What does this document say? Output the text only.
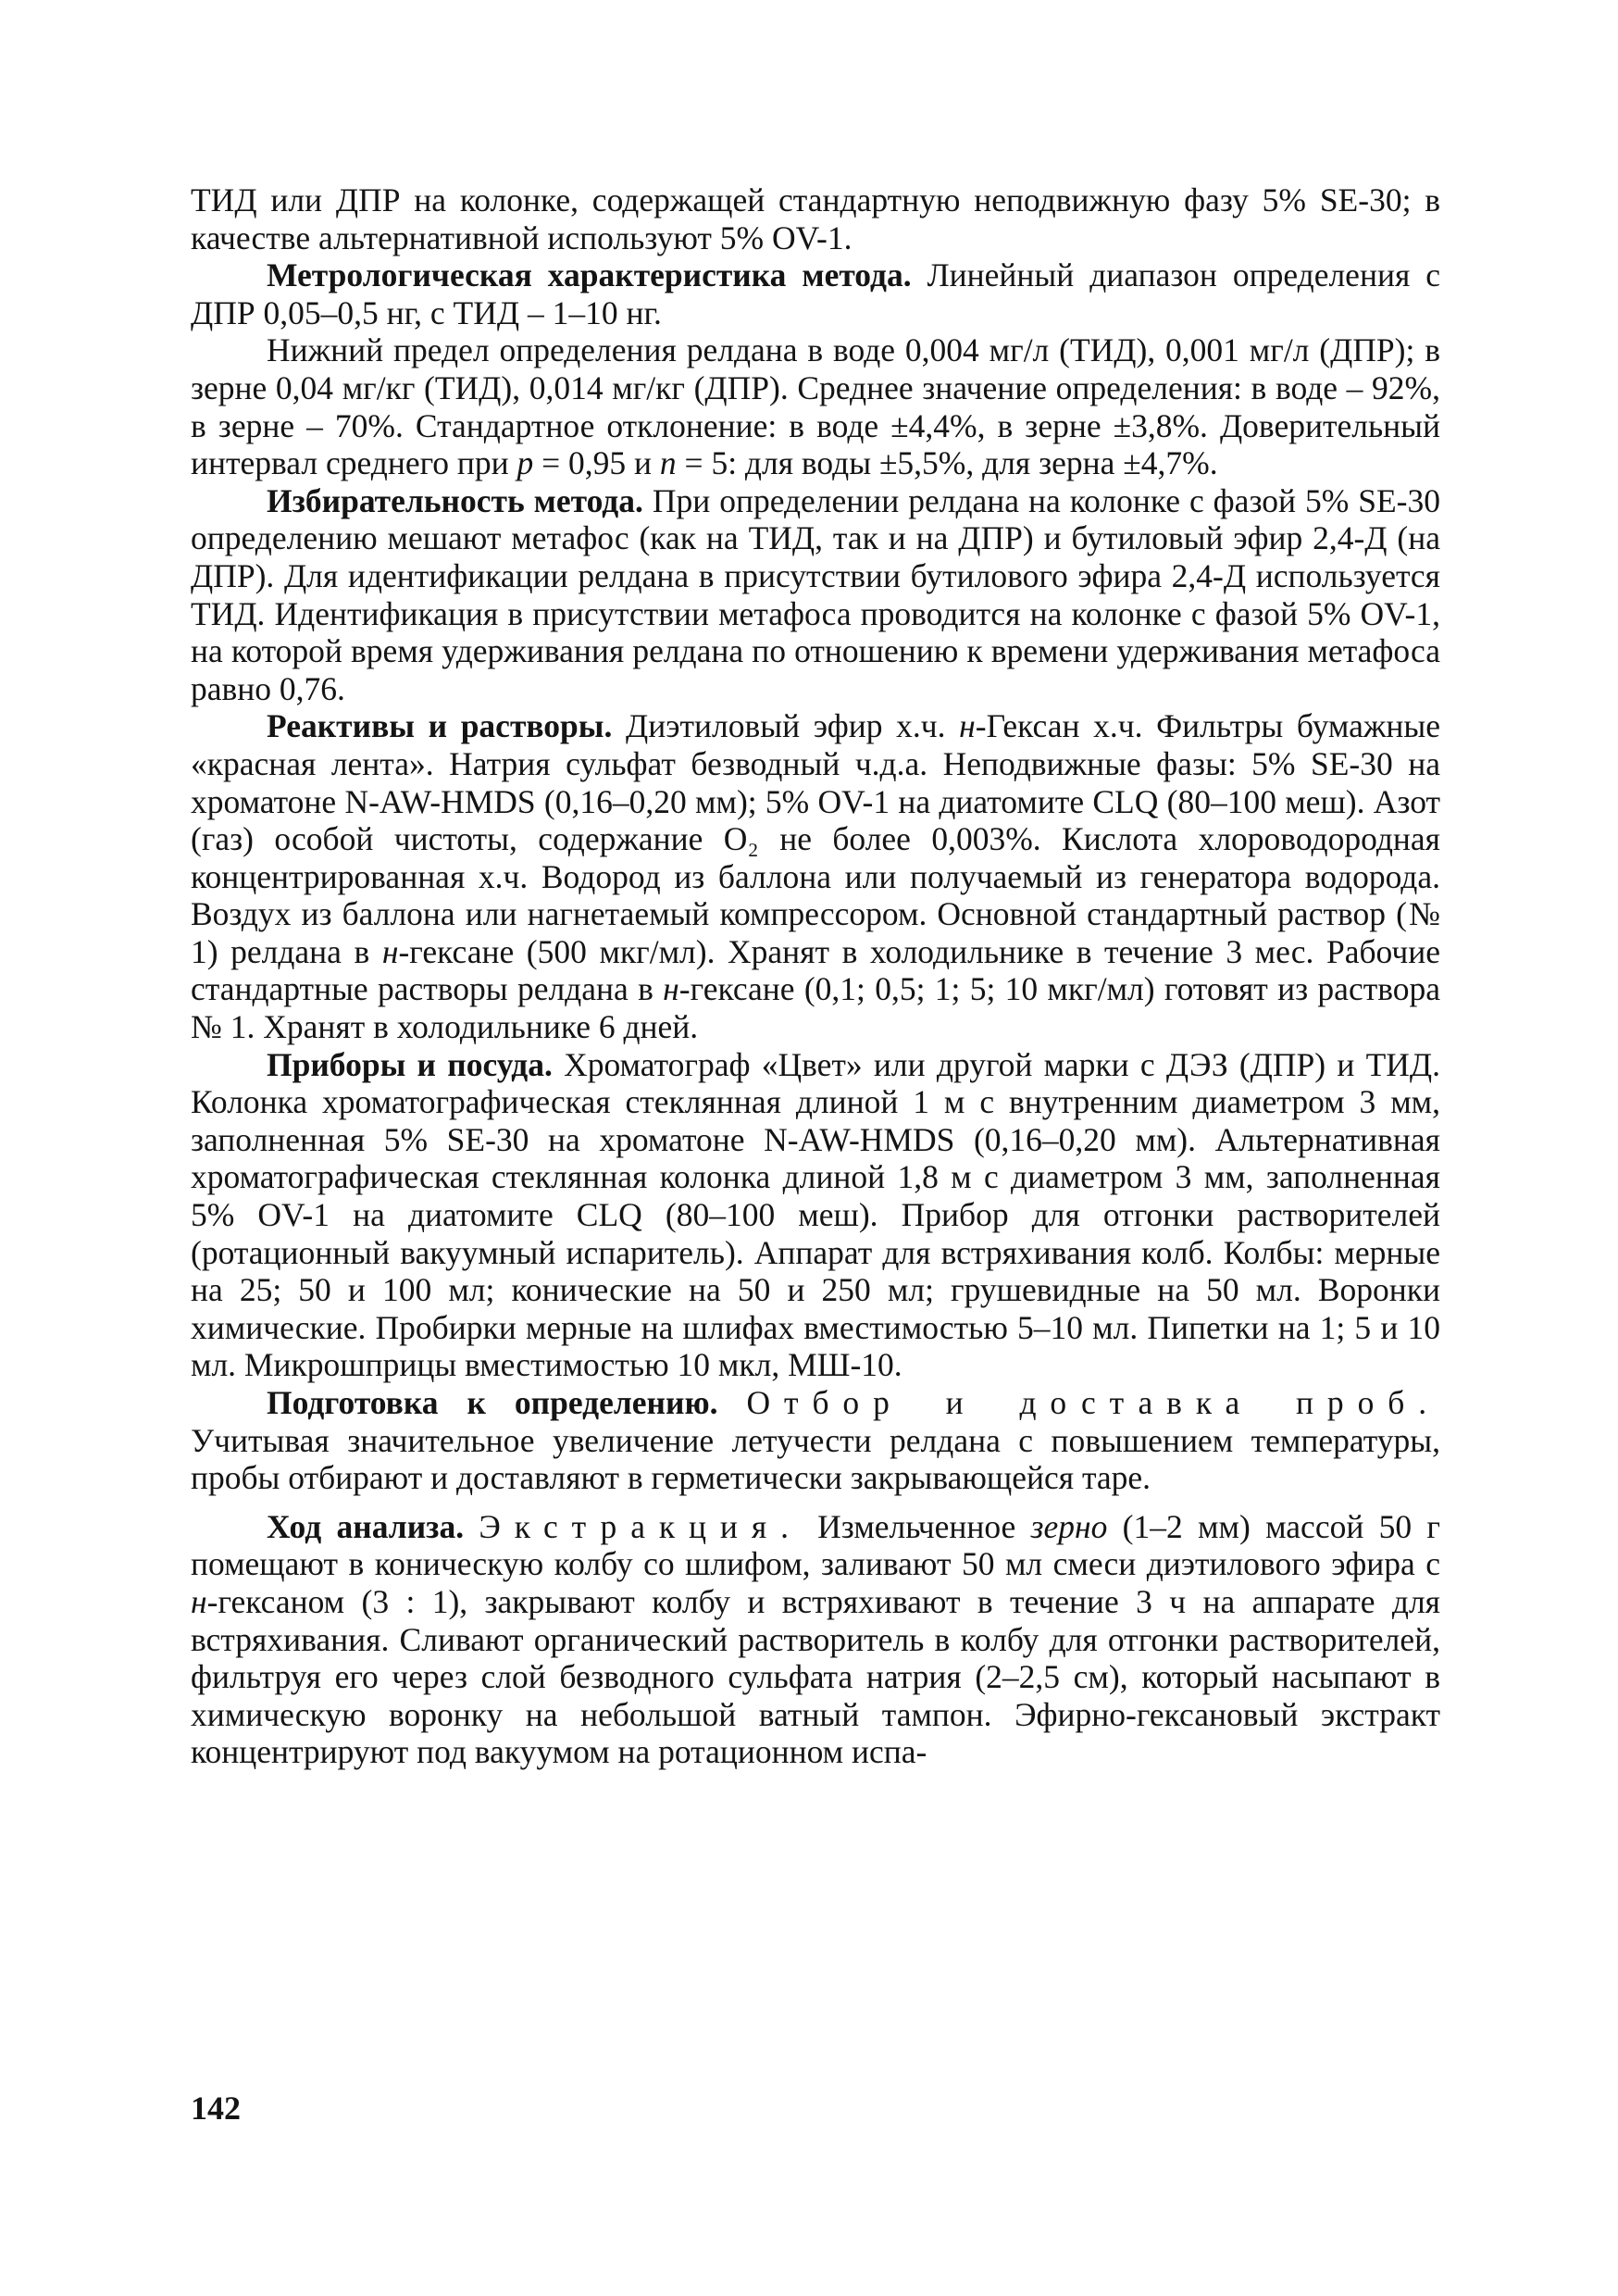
ТИД или ДПР на колонке, содержащей стандартную неподвижную фазу 5% SE-30; в качестве альтернативной используют 5% OV-1.

Метрологическая характеристика метода. Линейный диапазон определения с ДПР 0,05–0,5 нг, с ТИД – 1–10 нг.

Нижний предел определения релдана в воде 0,004 мг/л (ТИД), 0,001 мг/л (ДПР); в зерне 0,04 мг/кг (ТИД), 0,014 мг/кг (ДПР). Среднее значение определения: в воде – 92%, в зерне – 70%. Стандартное отклонение: в воде ±4,4%, в зерне ±3,8%. Доверительный интервал среднего при p = 0,95 и n = 5: для воды ±5,5%, для зерна ±4,7%.

Избирательность метода. При определении релдана на колонке с фазой 5% SE-30 определению мешают метафос (как на ТИД, так и на ДПР) и бутиловый эфир 2,4-Д (на ДПР). Для идентификации релдана в присутствии бутилового эфира 2,4-Д используется ТИД. Идентификация в присутствии метафоса проводится на колонке с фазой 5% OV-1, на которой время удерживания релдана по отношению к времени удерживания метафоса равно 0,76.

Реактивы и растворы. Диэтиловый эфир х.ч. н-Гексан х.ч. Фильтры бумажные «красная лента». Натрия сульфат безводный ч.д.а. Неподвижные фазы: 5% SE-30 на хроматоне N-AW-HMDS (0,16–0,20 мм); 5% OV-1 на диатомите CLQ (80–100 меш). Азот (газ) особой чистоты, содержание O₂ не более 0,003%. Кислота хлороводородная концентрированная х.ч. Водород из баллона или получаемый из генератора водорода. Воздух из баллона или нагнетаемый компрессором. Основной стандартный раствор (№ 1) релдана в н-гексане (500 мкг/мл). Хранят в холодильнике в течение 3 мес. Рабочие стандартные растворы релдана в н-гексане (0,1; 0,5; 1; 5; 10 мкг/мл) готовят из раствора № 1. Хранят в холодильнике 6 дней.

Приборы и посуда. Хроматограф «Цвет» или другой марки с ДЭЗ (ДПР) и ТИД. Колонка хроматографическая стеклянная длиной 1 м с внутренним диаметром 3 мм, заполненная 5% SE-30 на хроматоне N-AW-HMDS (0,16–0,20 мм). Альтернативная хроматографическая стеклянная колонка длиной 1,8 м с диаметром 3 мм, заполненная 5% OV-1 на диатомите CLQ (80–100 меш). Прибор для отгонки растворителей (ротационный вакуумный испаритель). Аппарат для встряхивания колб. Колбы: мерные на 25; 50 и 100 мл; конические на 50 и 250 мл; грушевидные на 50 мл. Воронки химические. Пробирки мерные на шлифах вместимостью 5–10 мл. Пипетки на 1; 5 и 10 мл. Микрошприцы вместимостью 10 мкл, МШ-10.

Подготовка к определению. Отбор и доставка проб. Учитывая значительное увеличение летучести релдана с повышением температуры, пробы отбирают и доставляют в герметически закрывающейся таре.

Ход анализа. Экстракция. Измельченное зерно (1–2 мм) массой 50 г помещают в коническую колбу со шлифом, заливают 50 мл смеси диэтилового эфира с н-гексаном (3 : 1), закрывают колбу и встряхивают в течение 3 ч на аппарате для встряхивания. Сливают органический растворитель в колбу для отгонки растворителей, фильтруя его через слой безводного сульфата натрия (2–2,5 см), который насыпают в химическую воронку на небольшой ватный тампон. Эфирно-гексановый экстракт концентрируют под вакуумом на ротационном испа-

142
